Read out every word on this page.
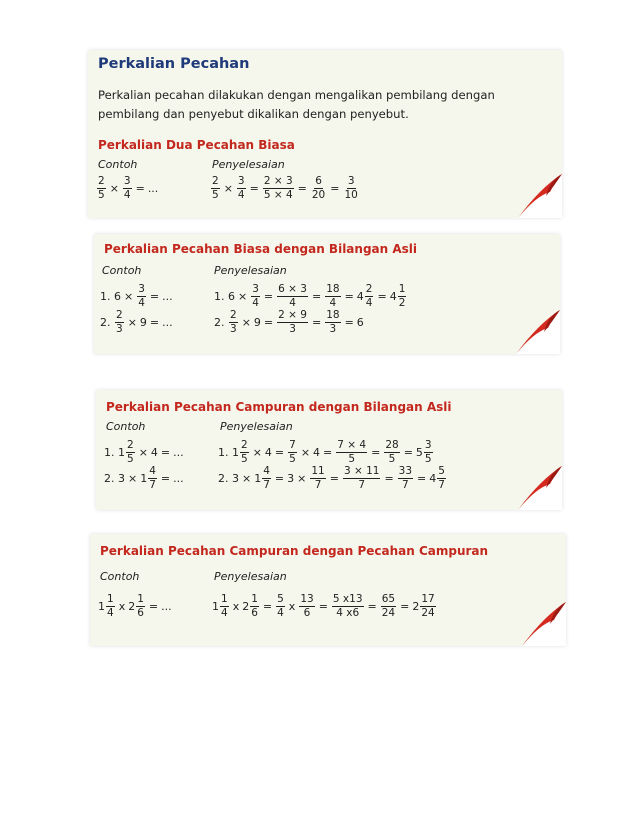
Perkalian Pecahan
Perkalian pecahan dilakukan dengan mengalikan pembilang dengan pembilang dan penyebut dikalikan dengan penyebut.
Perkalian Dua Pecahan Biasa
Contoh	Penyelesaian
$\frac{2}{5} \times \frac{3}{4}$ = ...	$\frac{2}{5} \times \frac{3}{4} = \frac{2 \times 3}{5 \times 4} = \frac{6}{20} = \frac{3}{10}$
Perkalian Pecahan Biasa dengan Bilangan Asli
Contoh	Penyelesaian
1. $6 \times \frac{3}{4}$ = ...	1. $6 \times \frac{3}{4} = \frac{6 \times 3}{4} = \frac{18}{4} = 4 \frac{2}{4} = 4 \frac{1}{2}$
2. $\frac{2}{3} \times 9$ = ...	2. $\frac{2}{3} \times 9 = \frac{2 \times 9}{3} = \frac{18}{3} = 6$
Perkalian Pecahan Campuran dengan Bilangan Asli
Contoh	Penyelesaian
1. $1 \frac{2}{5} \times 4$ = ...	1. $1 \frac{2}{5} \times 4 = \frac{7}{5} \times 4 = \frac{7 \times 4}{5} = \frac{28}{5} = 5 \frac{3}{5}$
2. $3 \times 1 \frac{4}{7}$ = ...	2. $3 \times 1 \frac{4}{7} = 3 \times \frac{11}{7} = \frac{3 \times 11}{7} = \frac{33}{7} = 4 \frac{5}{7}$
Perkalian Pecahan Campuran dengan Pecahan Campuran
Contoh	Penyelesaian
$1 \frac{1}{4}$ x $2 \frac{1}{6}$ = ...	$1 \frac{1}{4}$ x $2 \frac{1}{6} = \frac{5}{4}$ x $\frac{13}{6} = \frac{5 x13}{4 x6} = \frac{65}{24} = 2 \frac{17}{24}$
